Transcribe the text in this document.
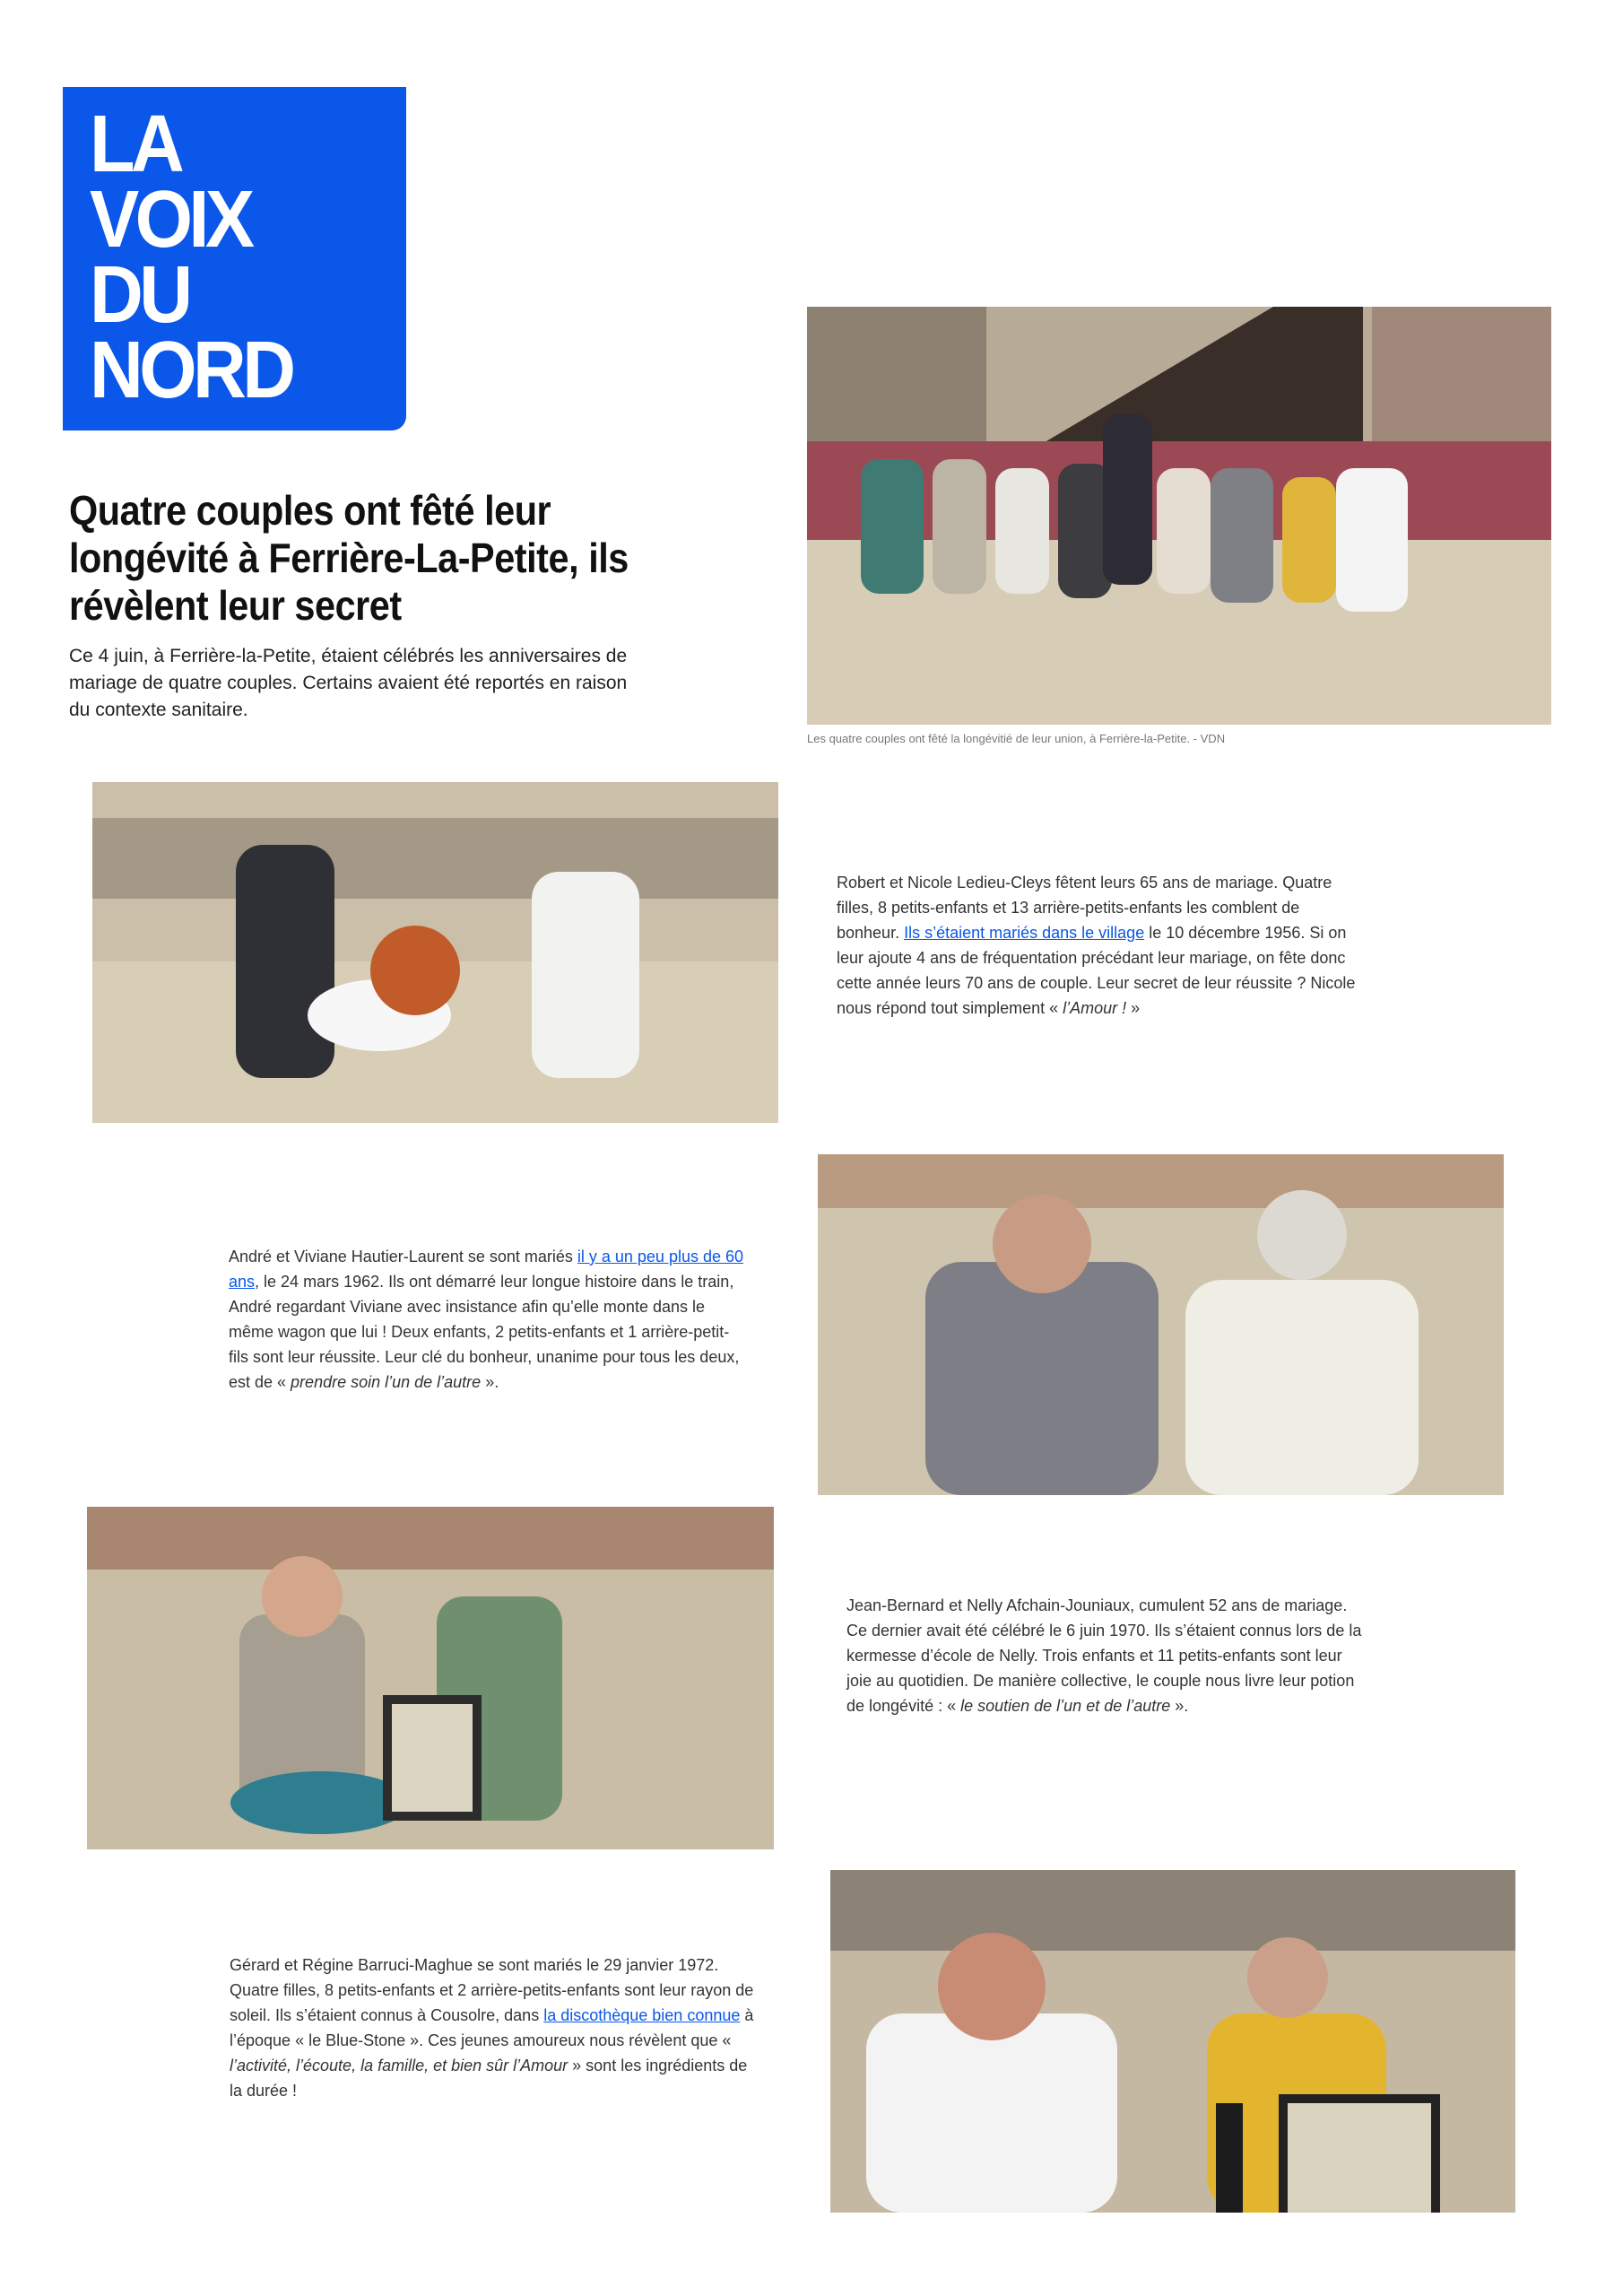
LA
VOIX
DU
NORD
Quatre couples ont fêté leur longévité à Ferrière-La-Petite, ils révèlent leur secret

Ce 4 juin, à Ferrière-la-Petite, étaient célébrés les anniversaires de mariage de quatre couples. Certains avaient été reportés en raison du contexte sanitaire.

Les quatre couples ont fêté la longévitié de leur union, à Ferrière-la-Petite. - VDN

Robert et Nicole Ledieu-Cleys fêtent leurs 65 ans de mariage. Quatre filles, 8 petits-enfants et 13 arrière-petits-enfants les comblent de bonheur. Ils s’étaient mariés dans le village le 10 décembre 1956. Si on leur ajoute 4 ans de fréquentation précédant leur mariage, on fête donc cette année leurs 70 ans de couple. Leur secret de leur réussite ? Nicole nous répond tout simplement « l’Amour ! »

André et Viviane Hautier-Laurent se sont mariés il y a un peu plus de 60 ans, le 24 mars 1962. Ils ont démarré leur longue histoire dans le train, André regardant Viviane avec insistance afin qu’elle monte dans le même wagon que lui ! Deux enfants, 2 petits-enfants et 1 arrière-petit-fils sont leur réussite. Leur clé du bonheur, unanime pour tous les deux, est de « prendre soin l’un de l’autre ».

Jean-Bernard et Nelly Afchain-Jouniaux, cumulent 52 ans de mariage. Ce dernier avait été célébré le 6 juin 1970. Ils s’étaient connus lors de la kermesse d’école de Nelly. Trois enfants et 11 petits-enfants sont leur joie au quotidien. De manière collective, le couple nous livre leur potion de longévité : « le soutien de l’un et de l’autre ».

Gérard et Régine Barruci-Maghue se sont mariés le 29 janvier 1972. Quatre filles, 8 petits-enfants et 2 arrière-petits-enfants sont leur rayon de soleil. Ils s’étaient connus à Cousolre, dans la discothèque bien connue à l’époque « le Blue-Stone ». Ces jeunes amoureux nous révèlent que « l’activité, l’écoute, la famille, et bien sûr l’Amour » sont les ingrédients de la durée !
